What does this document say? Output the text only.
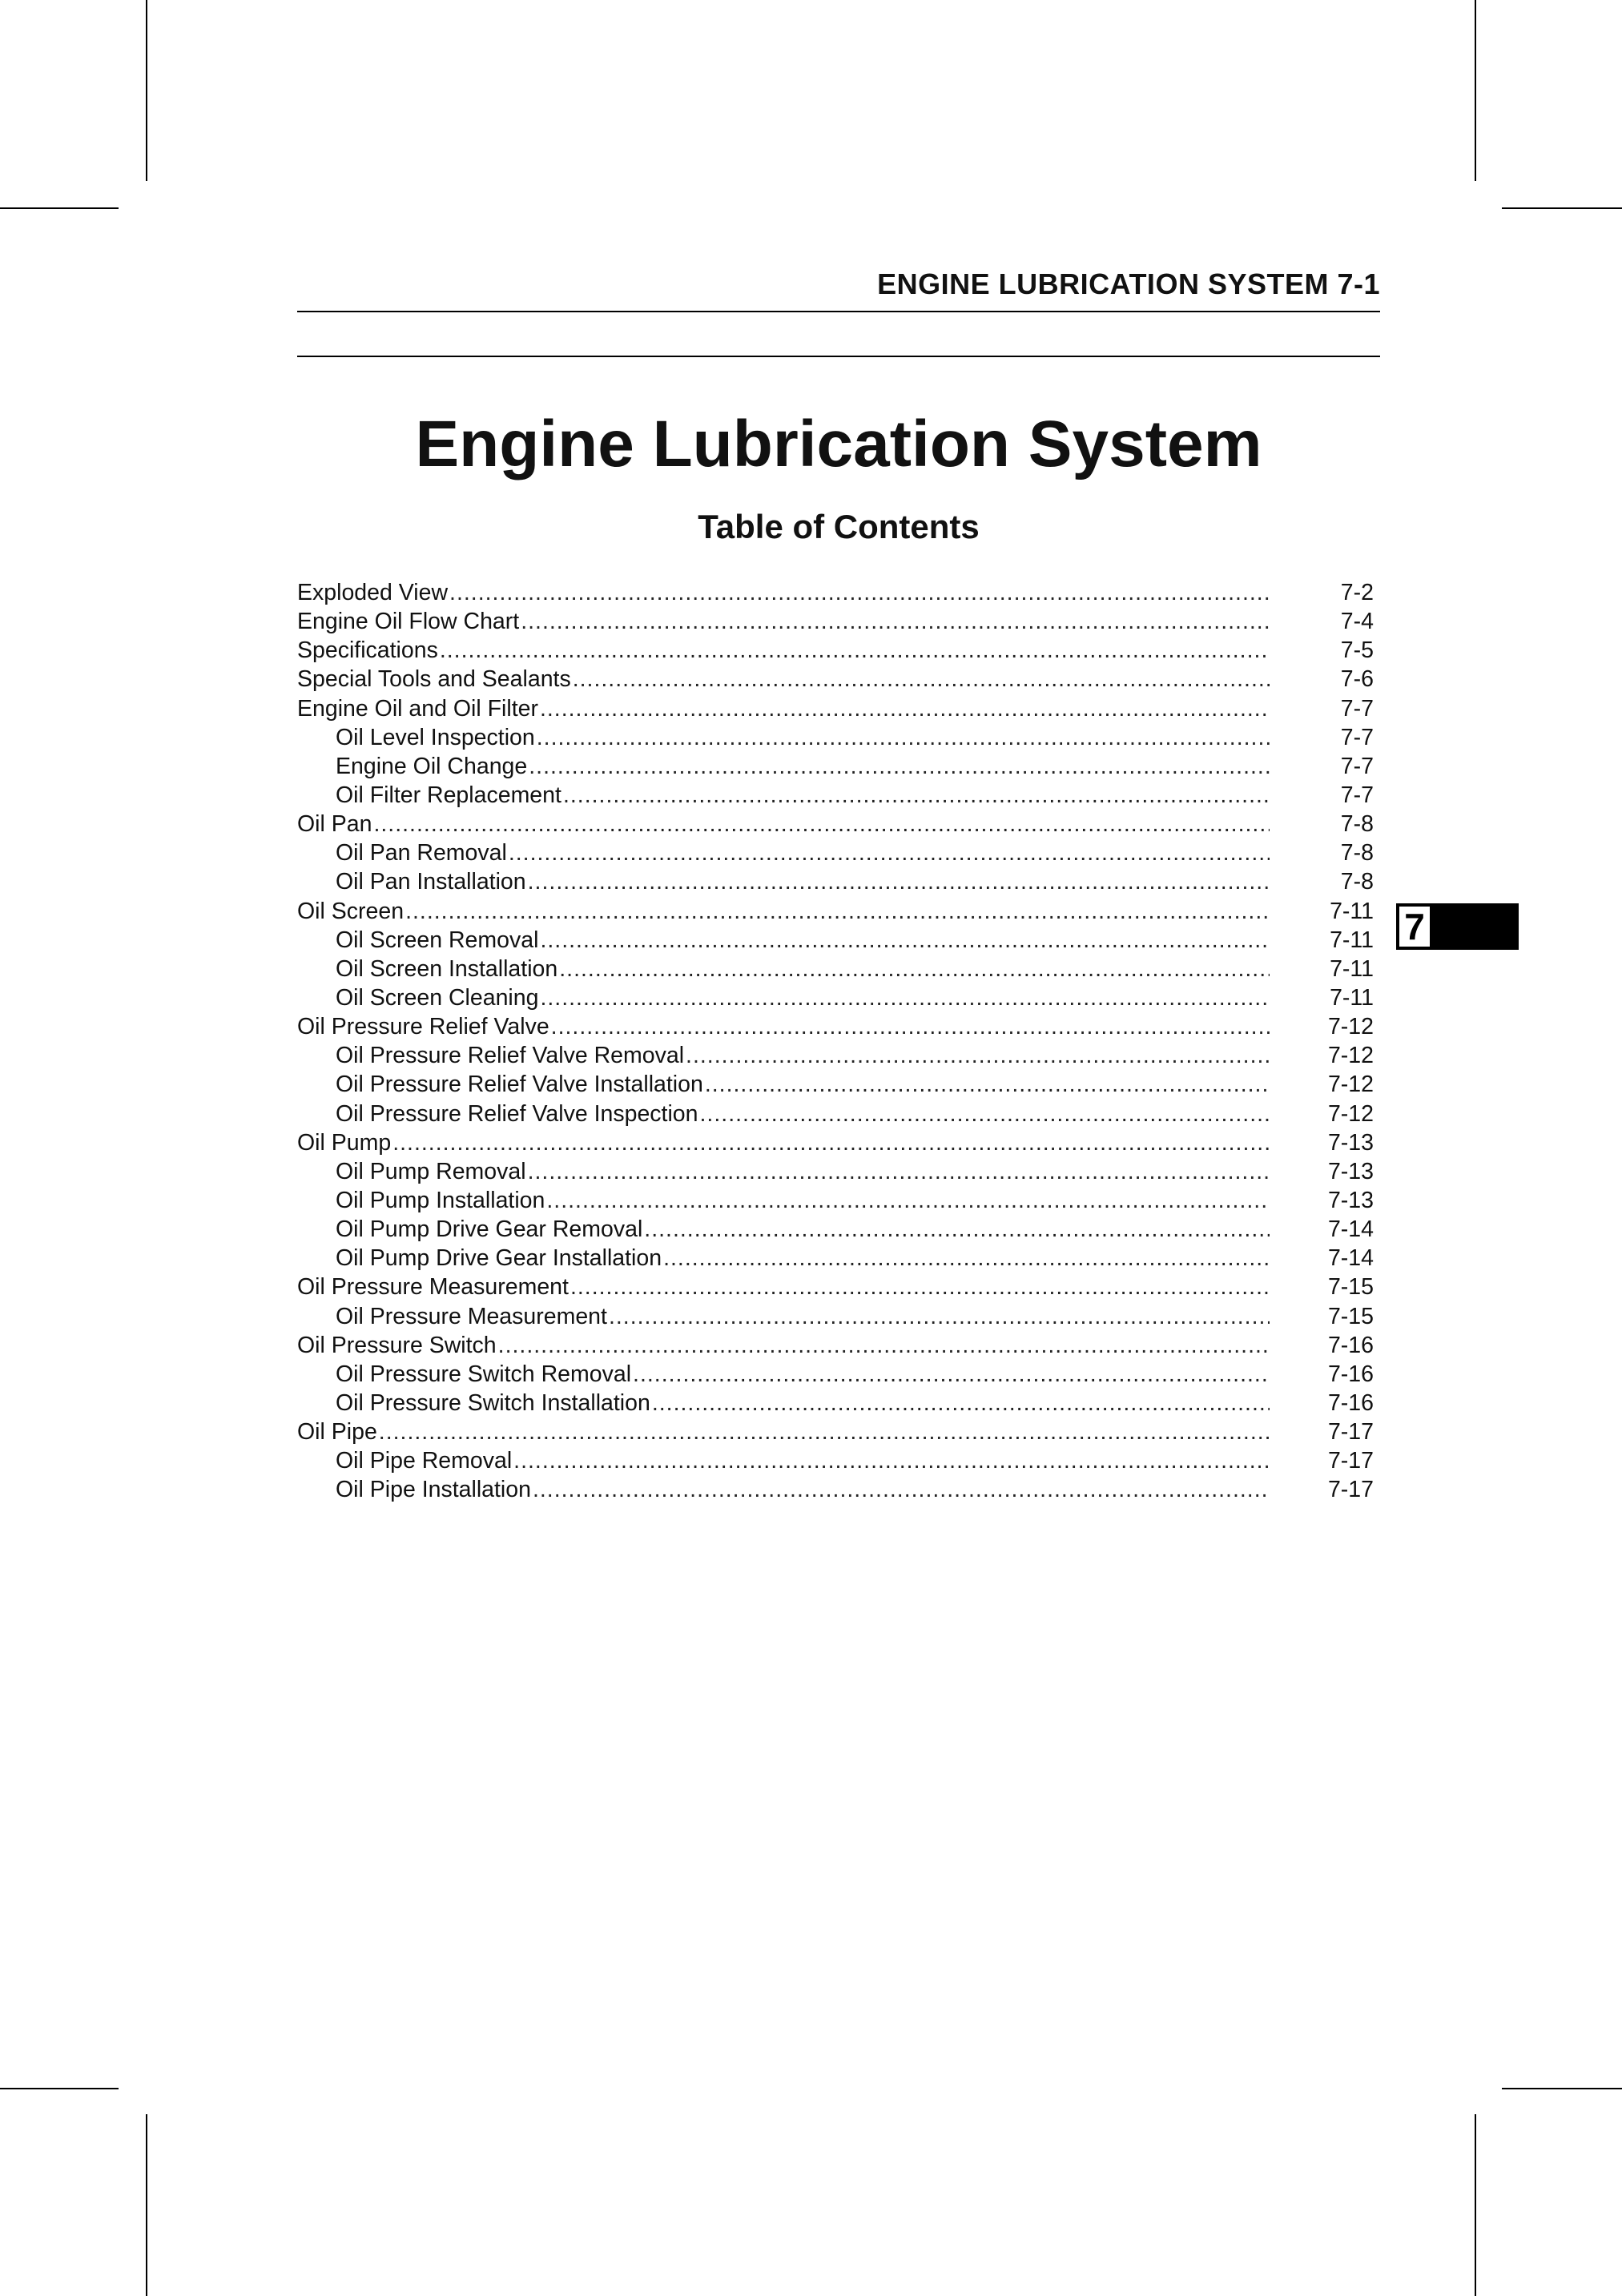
ENGINE LUBRICATION SYSTEM 7-1
Engine Lubrication System
Table of Contents
Exploded View .....	7-2
Engine Oil Flow Chart .....	7-4
Specifications .....	7-5
Special Tools and Sealants .....	7-6
Engine Oil and Oil Filter .....	7-7
Oil Level Inspection .....	7-7
Engine Oil Change .....	7-7
Oil Filter Replacement .....	7-7
Oil Pan .....	7-8
Oil Pan Removal .....	7-8
Oil Pan Installation .....	7-8
Oil Screen .....	7-11
Oil Screen Removal .....	7-11
Oil Screen Installation .....	7-11
Oil Screen Cleaning .....	7-11
Oil Pressure Relief Valve .....	7-12
Oil Pressure Relief Valve Removal .....	7-12
Oil Pressure Relief Valve Installation .....	7-12
Oil Pressure Relief Valve Inspection .....	7-12
Oil Pump .....	7-13
Oil Pump Removal .....	7-13
Oil Pump Installation .....	7-13
Oil Pump Drive Gear Removal .....	7-14
Oil Pump Drive Gear Installation .....	7-14
Oil Pressure Measurement .....	7-15
Oil Pressure Measurement .....	7-15
Oil Pressure Switch .....	7-16
Oil Pressure Switch Removal .....	7-16
Oil Pressure Switch Installation .....	7-16
Oil Pipe .....	7-17
Oil Pipe Removal .....	7-17
Oil Pipe Installation .....	7-17
7
